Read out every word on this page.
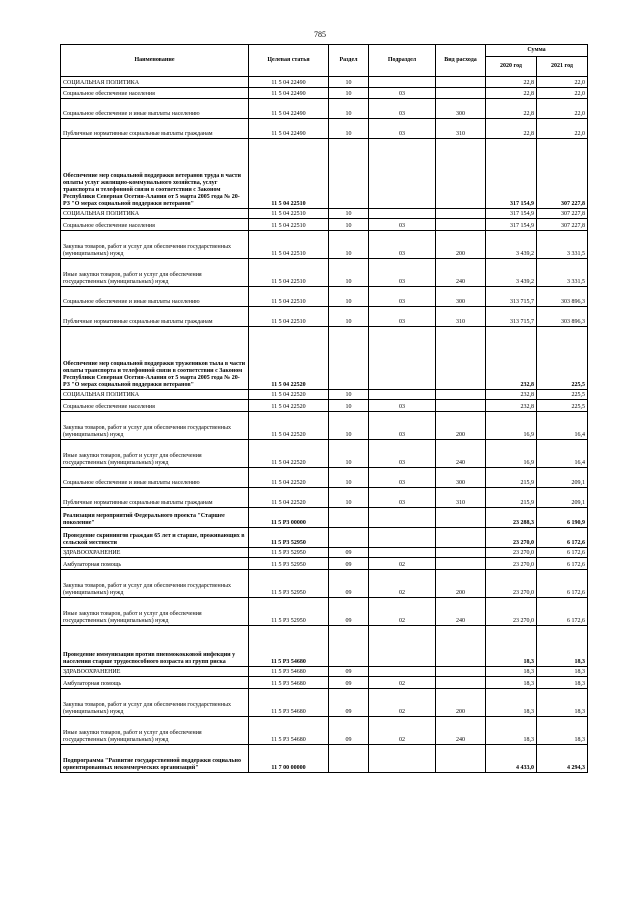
785
Наименование	Целевая статья	Раздел	Подраздел	Вид расхода	Сумма	
					2020 год	2021 год
СОЦИАЛЬНАЯ ПОЛИТИКА	11 5 04 22490	10			22,8	22,0
Социальное обеспечение населения	11 5 04 22490	10	03		22,8	22,0
Социальное обеспечение и иные выплаты населению	11 5 04 22490	10	03	300	22,8	22,0
Публичные нормативные социальные выплаты гражданам	11 5 04 22490	10	03	310	22,8	22,0
Обеспечение мер социальной поддержки ветеранов труда в части оплаты услуг жилищно-коммунального хозяйства, услуг транспорта и телефонной связи в соответствии с Законом Республики Северная Осетия-Алания от 5 марта 2005 года № 20- РЗ "О мерах социальной поддержки ветеранов"	11 5 04 22510				317 154,9	307 227,8
СОЦИАЛЬНАЯ ПОЛИТИКА	11 5 04 22510	10			317 154,9	307 227,8
Социальное обеспечение населения	11 5 04 22510	10	03		317 154,9	307 227,8
Закупка товаров, работ и услуг для обеспечения государственных (муниципальных) нужд	11 5 04 22510	10	03	200	3 439,2	3 331,5
Иные закупки товаров, работ и услуг для обеспечения государственных (муниципальных) нужд	11 5 04 22510	10	03	240	3 439,2	3 331,5
Социальное обеспечение и иные выплаты населению	11 5 04 22510	10	03	300	313 715,7	303 896,3
Публичные нормативные социальные выплаты гражданам	11 5 04 22510	10	03	310	313 715,7	303 896,3
Обеспечение мер социальной поддержки тружеников тыла в части оплаты транспорта и телефонной связи в соответствии с Законом Республики Северная Осетия-Алания от 5 марта 2005 года № 20-РЗ "О мерах социальной поддержки ветеранов"	11 5 04 22520				232,8	225,5
СОЦИАЛЬНАЯ ПОЛИТИКА	11 5 04 22520	10			232,8	225,5
Социальное обеспечение населения	11 5 04 22520	10	03		232,8	225,5
Закупка товаров, работ и услуг для обеспечения государственных (муниципальных) нужд	11 5 04 22520	10	03	200	16,9	16,4
Иные закупки товаров, работ и услуг для обеспечения государственных (муниципальных) нужд	11 5 04 22520	10	03	240	16,9	16,4
Социальное обеспечение и иные выплаты населению	11 5 04 22520	10	03	300	215,9	209,1
Публичные нормативные социальные выплаты гражданам	11 5 04 22520	10	03	310	215,9	209,1
Реализация мероприятий Федерального проекта "Старшее поколение"	11 5 P3 00000				23 288,3	6 190,9
Проведение скринингов граждан 65 лет и старше, проживающих в сельской местности	11 5 P3 52950				23 270,0	6 172,6
ЗДРАВООХРАНЕНИЕ	11 5 P3 52950	09			23 270,0	6 172,6
Амбулаторная помощь	11 5 P3 52950	09	02		23 270,0	6 172,6
Закупка товаров, работ и услуг для обеспечения государственных (муниципальных) нужд	11 5 P3 52950	09	02	200	23 270,0	6 172,6
Иные закупки товаров, работ и услуг для обеспечения государственных (муниципальных) нужд	11 5 P3 52950	09	02	240	23 270,0	6 172,6
Проведение иммунизации против пневмококковой инфекции у населения старше трудоспособного возраста из групп риска	11 5 P3 54680				18,3	18,3
ЗДРАВООХРАНЕНИЕ	11 5 P3 54680	09			18,3	18,3
Амбулаторная помощь	11 5 P3 54680	09	02		18,3	18,3
Закупка товаров, работ и услуг для обеспечения государственных (муниципальных) нужд	11 5 P3 54680	09	02	200	18,3	18,3
Иные закупки товаров, работ и услуг для обеспечения государственных (муниципальных) нужд	11 5 P3 54680	09	02	240	18,3	18,3
Подпрограмма "Развитие государственной поддержки социально ориентированных некоммерческих организаций"	11 7 00 00000				4 433,0	4 294,3
